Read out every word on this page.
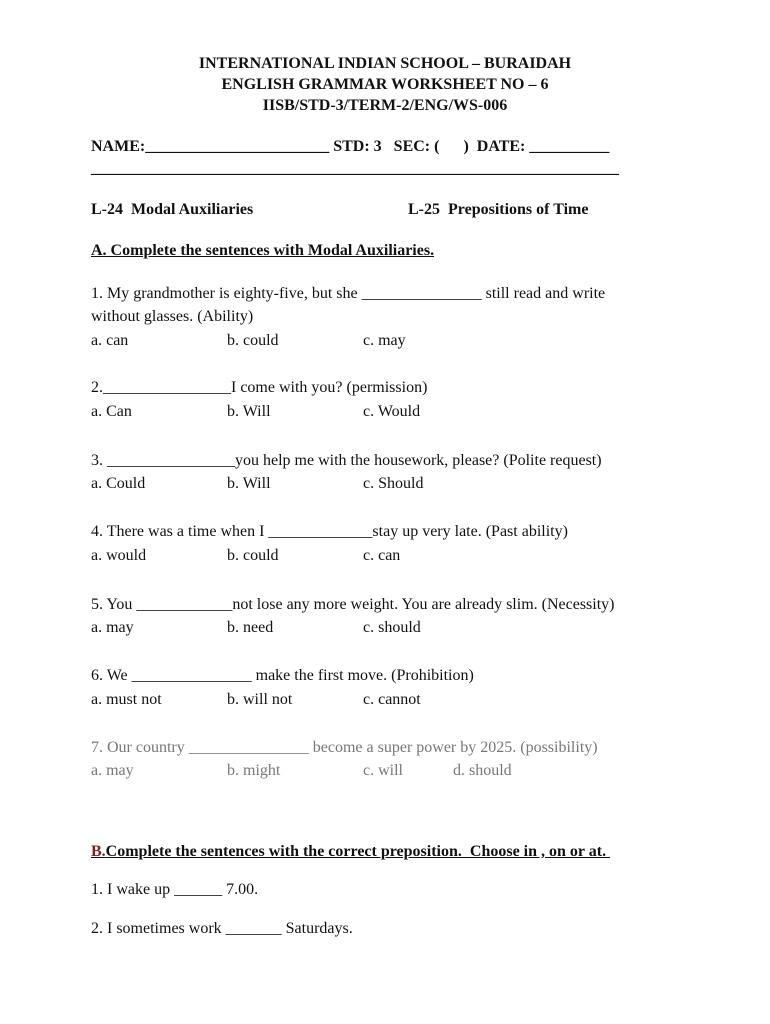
INTERNATIONAL INDIAN SCHOOL – BURAIDAH
ENGLISH GRAMMAR WORKSHEET NO – 6
IISB/STD-3/TERM-2/ENG/WS-006
NAME:_______________________ STD: 3   SEC: (      )  DATE: __________
__________________________________________________________________
L-24  Modal Auxiliaries	L-25  Prepositions of Time
A. Complete the sentences with Modal Auxiliaries.
1. My grandmother is eighty-five, but she _______________ still read and write
without glasses. (Ability)
a. can	b. could	c. may
2.________________I come with you? (permission)
a. Can	b. Will	c. Would
3. ________________you help me with the housework, please? (Polite request)
a. Could	b. Will	c. Should
4. There was a time when I _____________stay up very late. (Past ability)
a. would	b. could	c. can
5. You ____________not lose any more weight. You are already slim. (Necessity)
a. may	b. need	c. should
6. We _______________ make the first move. (Prohibition)
a. must not	b. will not	c. cannot
7. Our country _______________ become a super power by 2025. (possibility)
a. may	b. might	c. will	d. should
B.Complete the sentences with the correct preposition.  Choose in , on or at.
1. I wake up ______ 7.00.
2. I sometimes work _______ Saturdays.
